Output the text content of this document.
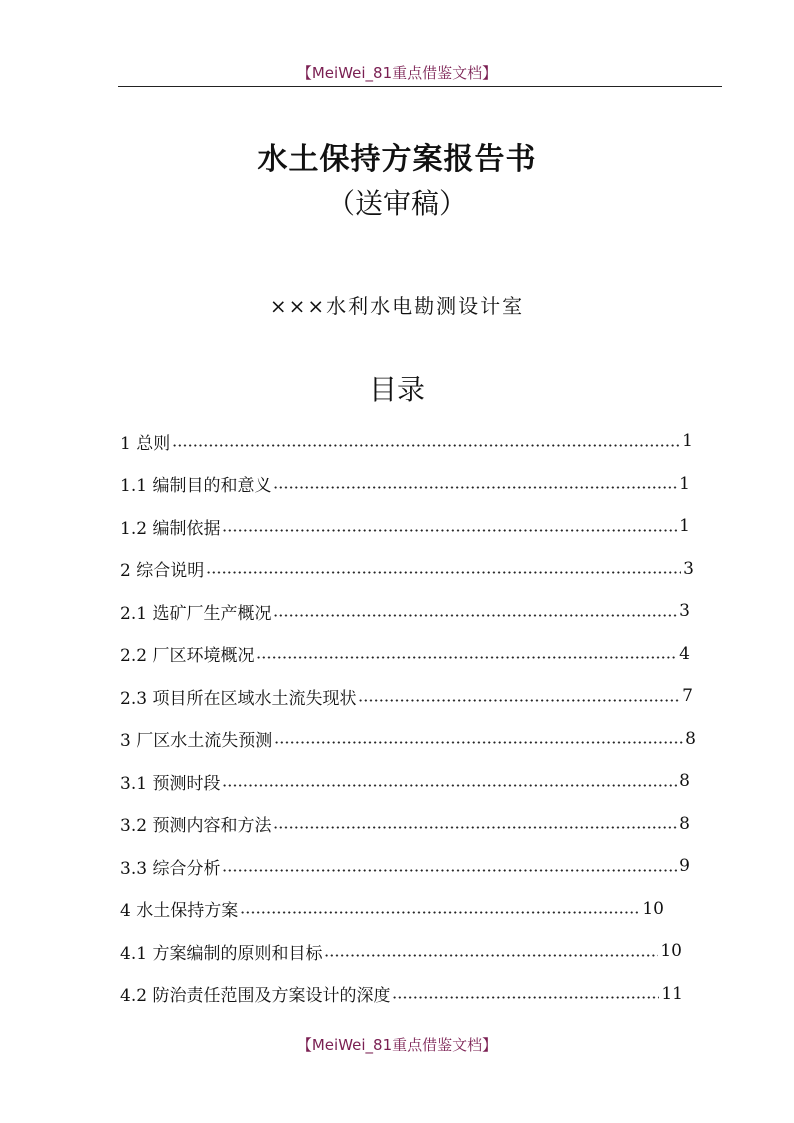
【MeiWei_81重点借鉴文档】
水土保持方案报告书
（送审稿）
×××水利水电勘测设计室
目录
1 总则	1
1.1 编制目的和意义	1
1.2 编制依据	1
2 综合说明	3
2.1 选矿厂生产概况	3
2.2 厂区环境概况	4
2.3 项目所在区域水土流失现状	7
3 厂区水土流失预测	8
3.1 预测时段	8
3.2 预测内容和方法	8
3.3 综合分析	9
4 水土保持方案	10
4.1 方案编制的原则和目标	10
4.2 防治责任范围及方案设计的深度	11
【MeiWei_81重点借鉴文档】
